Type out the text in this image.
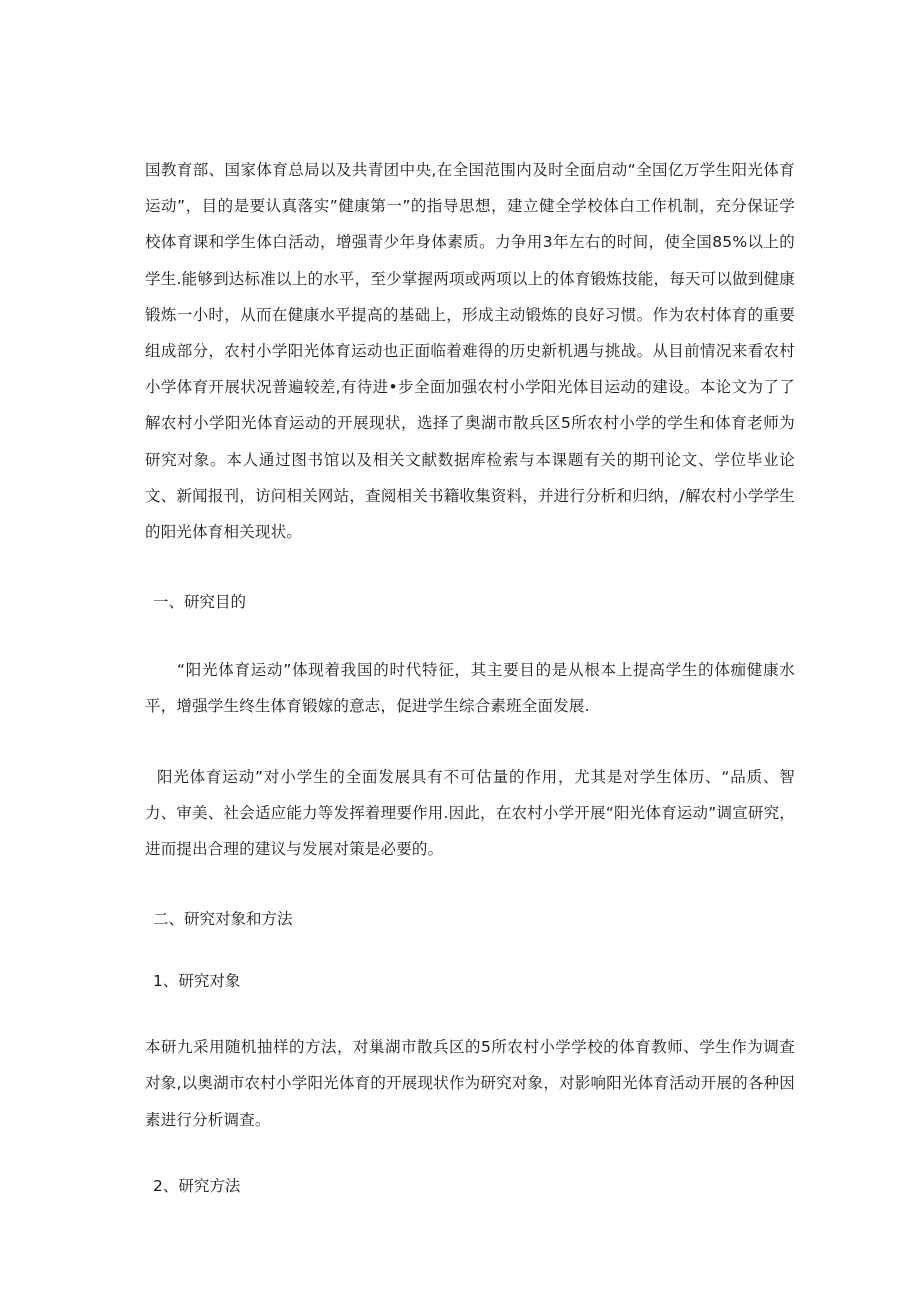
国教育部、国家体育总局以及共青团中央,在全国范围内及时全面启动“全国亿万学生阳光体育运动”，目的是要认真落实”健康第一”的指导思想，建立健全学校体白工作机制，充分保证学校体育课和学生体白活动，增强青少年身体素质。力争用3年左右的时间，使全国85%以上的学生.能够到达标准以上的水平，至少掌握两项或两项以上的体育锻炼技能，每天可以做到健康锻炼一小时，从而在健康水平提高的基础上，形成主动锻炼的良好习惯。作为农村体育的重要组成部分，农村小学阳光体育运动也正面临着难得的历史新机遇与挑战。从目前情况来看农村小学体育开展状况普遍较差,有待进•步全面加强农村小学阳光体目运动的建设。本论文为了了解农村小学阳光体育运动的开展现状，选择了奥湖市散兵区5所农村小学的学生和体育老师为研究对象。本人通过图书馆以及相关文献数据库检索与本课题有关的期刊论文、学位毕业论文、新闻报刊，访问相关网站，查阅相关书籍收集资料，并进行分析和归纳，/解农村小学学生的阳光体育相关现状。

一、研究目的

“阳光体育运动”体现着我国的时代特征，其主要目的是从根本上提高学生的体痂健康水平，增强学生终生体育锻嫁的意志，促进学生综合素班全面发展.

阳光体育运动”对小学生的全面发展具有不可估量的作用，尤其是对学生体历、“品质、智力、审美、社会适应能力等发挥着理要作用.因此，在农村小学开展“阳光体育运动”调宣研究，进而提出合理的建议与发展对策是必要的。

二、研究对象和方法

1、研究对象

本研九采用随机抽样的方法，对巢湖市散兵区的5所农村小学学校的体育教师、学生作为调查对象,以奥湖市农村小学阳光体育的开展现状作为研究对象，对影响阳光体育活动开展的各种因素进行分析调查。

2、研究方法
